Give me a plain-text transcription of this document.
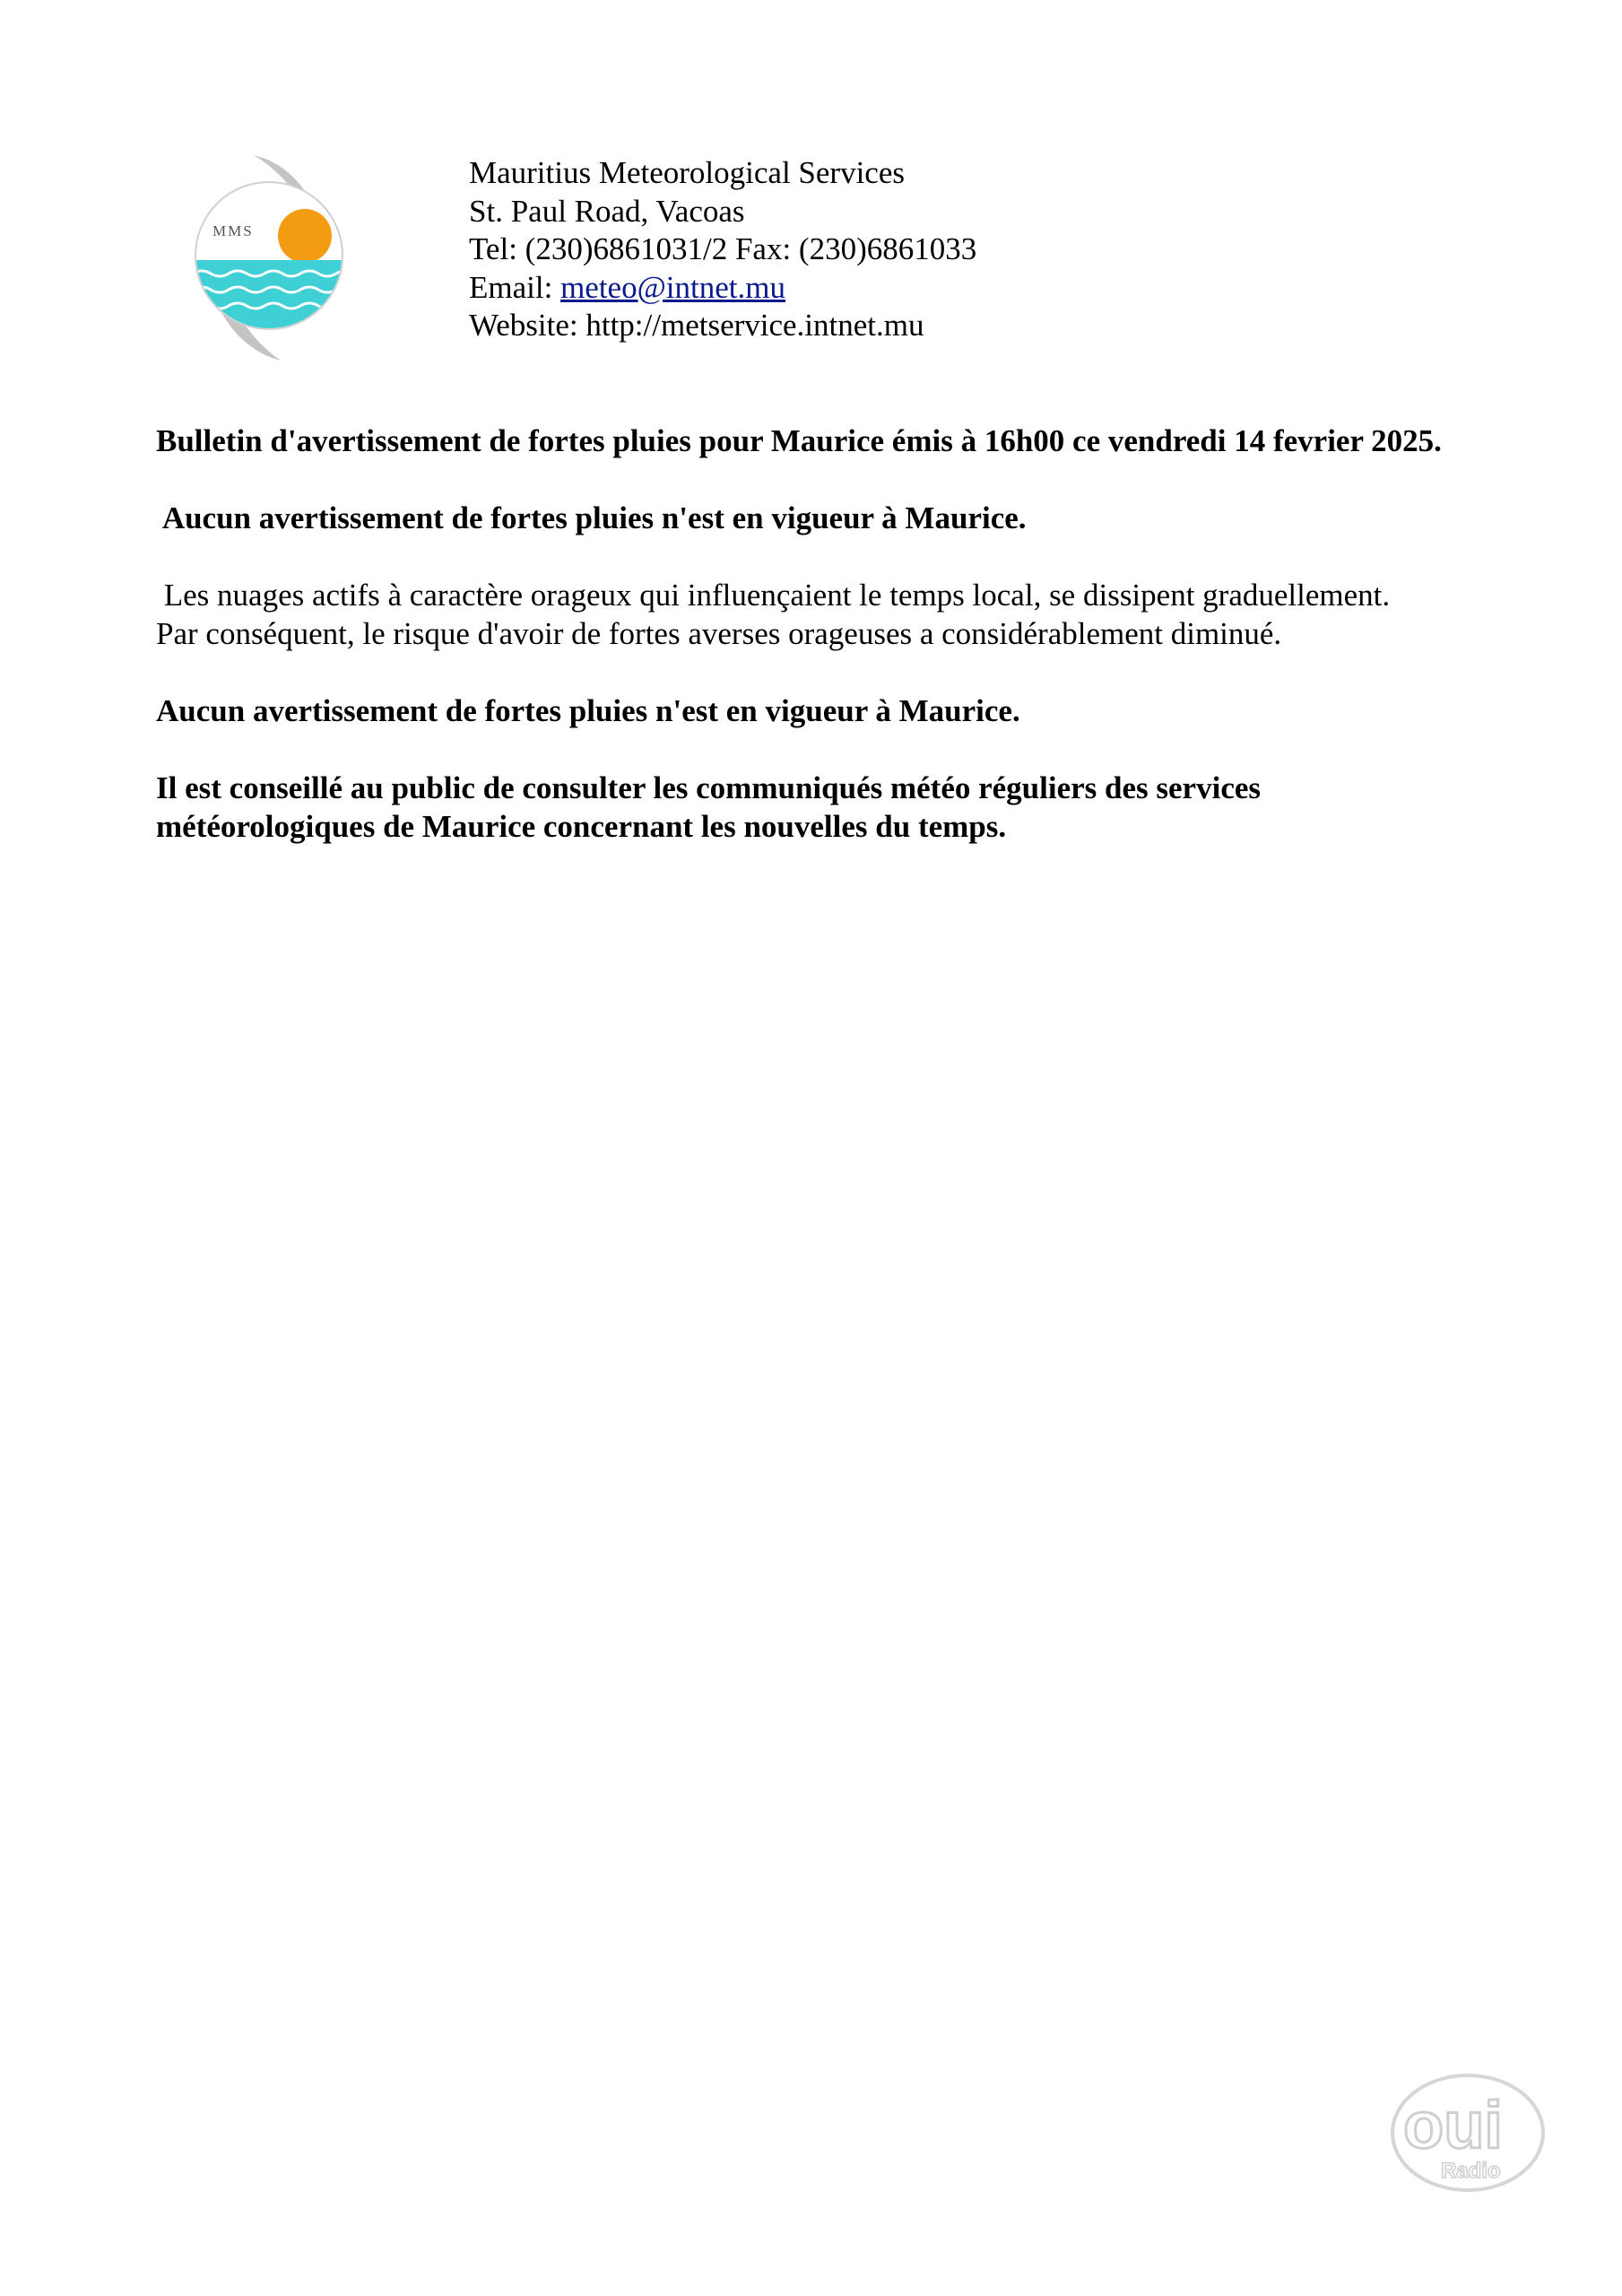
MMS
Mauritius Meteorological Services
St. Paul Road, Vacoas
Tel: (230)6861031/2 Fax: (230)6861033
Email: meteo@intnet.mu
Website: http://metservice.intnet.mu

Bulletin d'avertissement de fortes pluies pour Maurice émis à 16h00 ce vendredi 14 fevrier 2025.

Aucun avertissement de fortes pluies n'est en vigueur à Maurice.

Les nuages actifs à caractère orageux qui influençaient le temps local, se dissipent graduellement.
Par conséquent, le risque d'avoir de fortes averses orageuses a considérablement diminué.

Aucun avertissement de fortes pluies n'est en vigueur à Maurice.

Il est conseillé au public de consulter les communiqués météo réguliers des services météorologiques de Maurice concernant les nouvelles du temps.

oui
Radio
